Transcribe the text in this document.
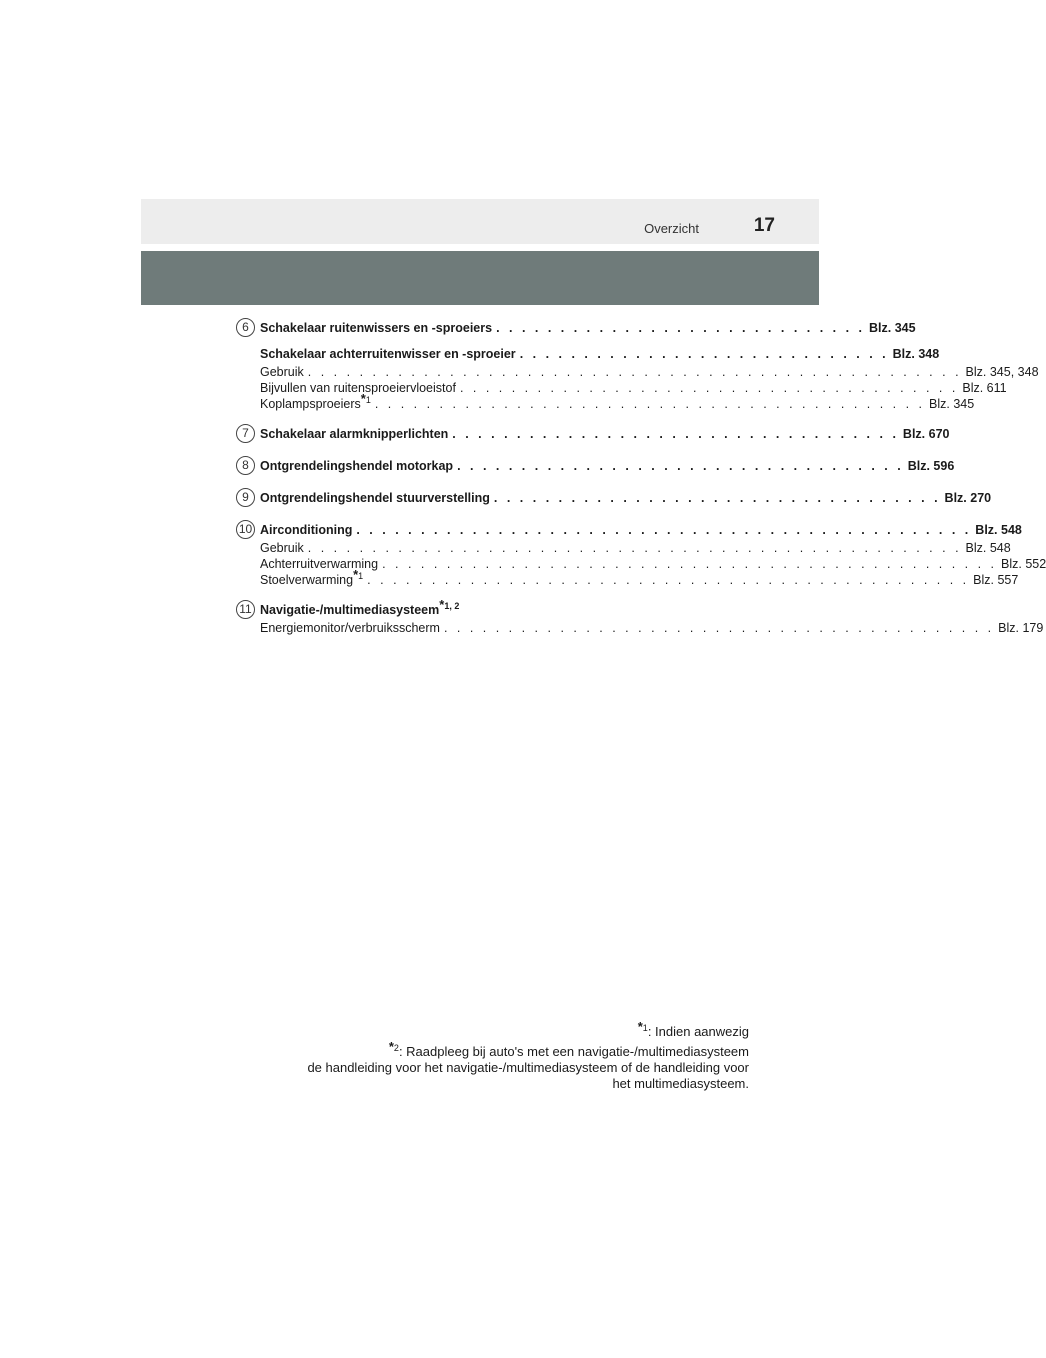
Overzicht	17
6 Schakelaar ruitenwissers en -sproeiers . . . . . . . . . . . . . . . . . . . . . . . . . . . . . Blz. 345
Schakelaar achterruitenwisser en -sproeier . . . . . . . . . . . . . . . . . . . . . . . . . . . . . Blz. 348
Gebruik . . . . . . . . . . . . . . . . . . . . . . . . . . . . . . . . . . . . . . . . . . . . . . . . . . . Blz. 345, 348
Bijvullen van ruitensproeiervloeistof . . . . . . . . . . . . . . . . . . . . . . . . . . . . . . . . . . . . . . . Blz. 611
Koplampsproeiers$^{*1}$ . . . . . . . . . . . . . . . . . . . . . . . . . . . . . . . . . . . . . . . . . . . Blz. 345
7 Schakelaar alarmknipperlichten . . . . . . . . . . . . . . . . . . . . . . . . . . . . . . . . . . . Blz. 670
8 Ontgrendelingshendel motorkap . . . . . . . . . . . . . . . . . . . . . . . . . . . . . . . . . . . Blz. 596
9 Ontgrendelingshendel stuurverstelling . . . . . . . . . . . . . . . . . . . . . . . . . . . . . . . . . . . Blz. 270
10 Airconditioning . . . . . . . . . . . . . . . . . . . . . . . . . . . . . . . . . . . . . . . . . . . . . . . . Blz. 548
Gebruik . . . . . . . . . . . . . . . . . . . . . . . . . . . . . . . . . . . . . . . . . . . . . . . . . . . Blz. 548
Achterruitverwarming . . . . . . . . . . . . . . . . . . . . . . . . . . . . . . . . . . . . . . . . . . . . . . . . Blz. 552
Stoelverwarming$^{*1}$ . . . . . . . . . . . . . . . . . . . . . . . . . . . . . . . . . . . . . . . . . . . . . . . Blz. 557
11 Navigatie-/multimediasysteem$^{*1, 2}$
Energiemonitor/verbruiksscherm . . . . . . . . . . . . . . . . . . . . . . . . . . . . . . . . . . . . . . . . . . . Blz. 179

$^{*1}$: Indien aanwezig

$^{*2}$: Raadpleeg bij auto's met een navigatie-/multimediasysteem
de handleiding voor het navigatie-/multimediasysteem of de handleiding voor
het multimediasysteem.
